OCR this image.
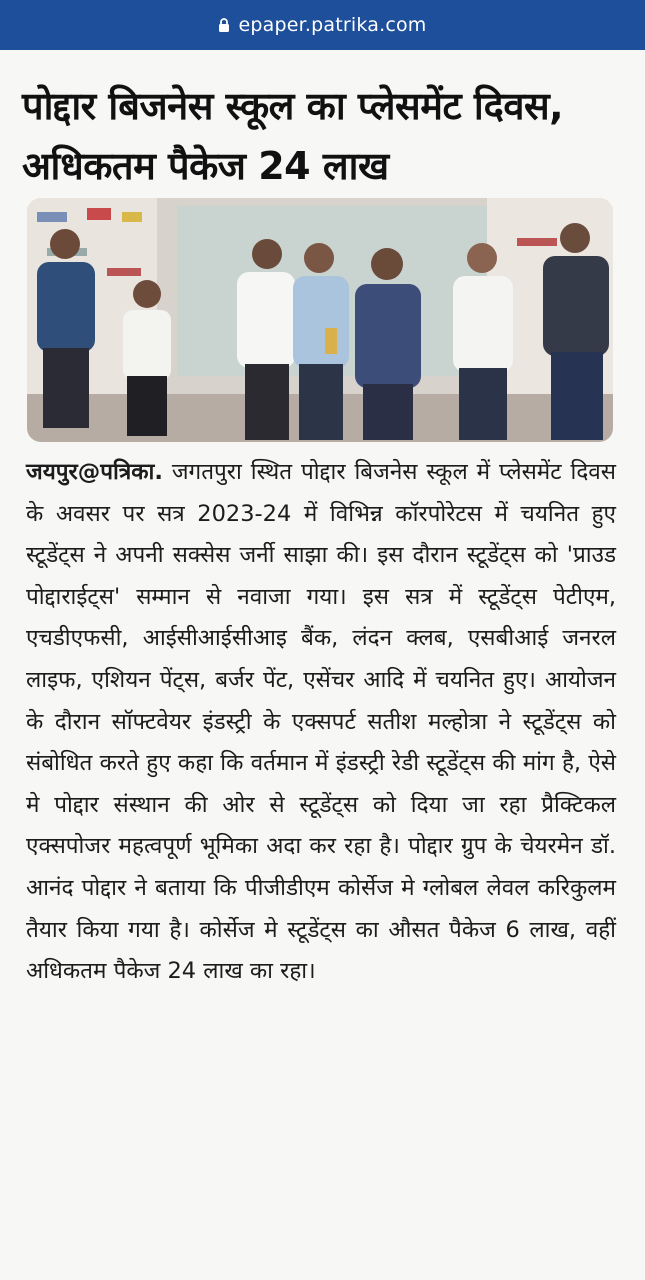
epaper.patrika.com
पोद्दार बिजनेस स्कूल का प्लेसमेंट दिवस, अधिकतम पैकेज 24 लाख
जयपुर@पत्रिका. जगतपुरा स्थित पोद्दार बिजनेस स्कूल में प्लेसमेंट दिवस के अवसर पर सत्र 2023-24 में विभिन्न कॉरपोरेटस में चयनित हुए स्टूडेंट्स ने अपनी सक्सेस जर्नी साझा की। इस दौरान स्टूडेंट्स को 'प्राउड पोद्दाराईट्स' सम्मान से नवाजा गया। इस सत्र में स्टूडेंट्स पेटीएम, एचडीएफसी, आईसीआईसीआइ बैंक, लंदन क्लब, एसबीआई जनरल लाइफ, एशियन पेंट्स, बर्जर पेंट, एसेंचर आदि में चयनित हुए। आयोजन के दौरान सॉफ्टवेयर इंडस्ट्री के एक्सपर्ट सतीश मल्होत्रा ने स्टूडेंट्स को संबोधित करते हुए कहा कि वर्तमान में इंडस्ट्री रेडी स्टूडेंट्स की मांग है, ऐसे मे पोद्दार संस्थान की ओर से स्टूडेंट्स को दिया जा रहा प्रैक्टिकल एक्सपोजर महत्वपूर्ण भूमिका अदा कर रहा है। पोद्दार ग्रुप के चेयरमेन डॉ. आनंद पोद्दार ने बताया कि पीजीडीएम कोर्सेज मे ग्लोबल लेवल करिकुलम तैयार किया गया है। कोर्सेज मे स्टूडेंट्स का औसत पैकेज 6 लाख, वहीं अधिकतम पैकेज 24 लाख का रहा।
